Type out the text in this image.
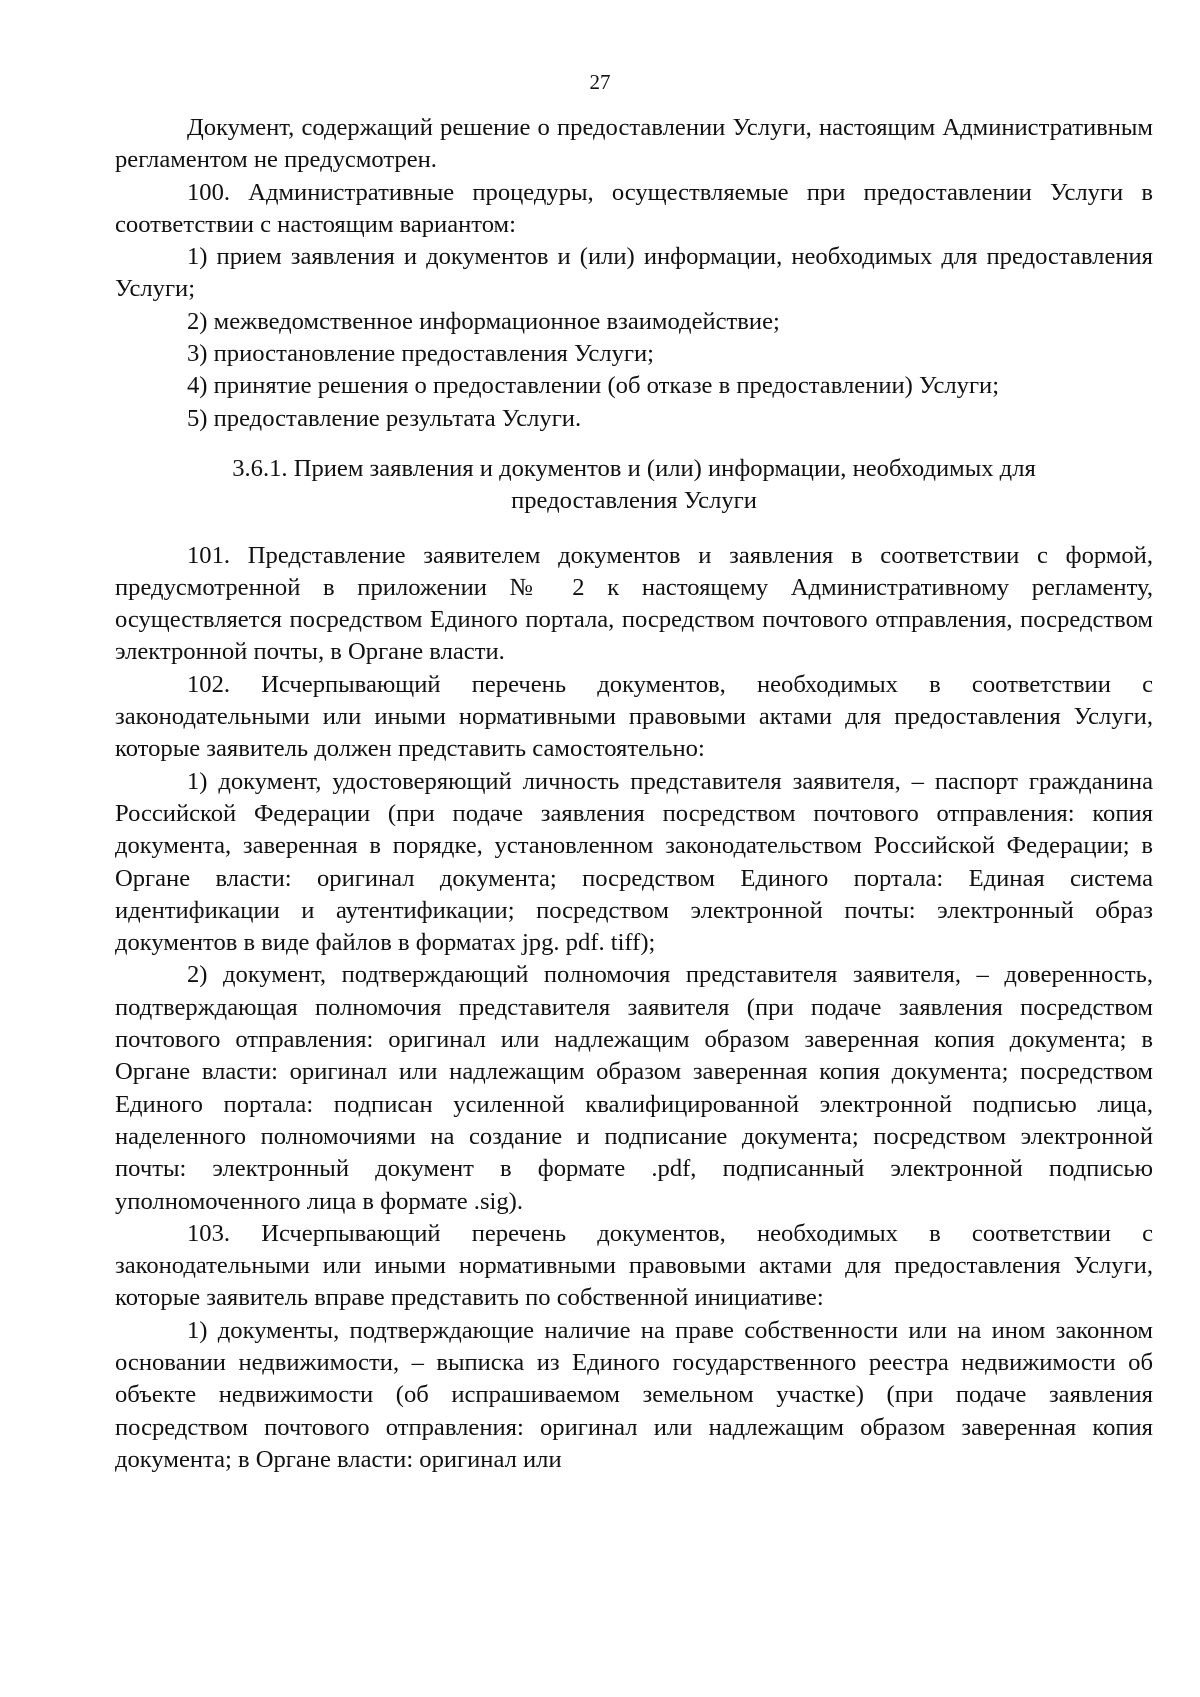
27

Документ, содержащий решение о предоставлении Услуги, настоящим Административным регламентом не предусмотрен.

100. Административные процедуры, осуществляемые при предоставлении Услуги в соответствии с настоящим вариантом:

1) прием заявления и документов и (или) информации, необходимых для предоставления Услуги;

2) межведомственное информационное взаимодействие;

3) приостановление предоставления Услуги;

4) принятие решения о предоставлении (об отказе в предоставлении) Услуги;

5) предоставление результата Услуги.

3.6.1. Прием заявления и документов и (или) информации, необходимых для

предоставления Услуги

101. Представление заявителем документов и заявления в соответствии с формой, предусмотренной в приложении № 2 к настоящему Административному регламенту, осуществляется посредством Единого портала, посредством почтового отправления, посредством электронной почты, в Органе власти.

102. Исчерпывающий перечень документов, необходимых в соответствии с законодательными или иными нормативными правовыми актами для предоставления Услуги, которые заявитель должен представить самостоятельно:

1) документ, удостоверяющий личность представителя заявителя, – паспорт гражданина Российской Федерации (при подаче заявления посредством почтового отправления: копия документа, заверенная в порядке, установленном законодательством Российской Федерации; в Органе власти: оригинал документа; посредством Единого портала: Единая система идентификации и аутентификации; посредством электронной почты: электронный образ документов в виде файлов в форматах jpg. pdf. tiff);

2) документ, подтверждающий полномочия представителя заявителя, – доверенность, подтверждающая полномочия представителя заявителя (при подаче заявления посредством почтового отправления: оригинал или надлежащим образом заверенная копия документа; в Органе власти: оригинал или надлежащим образом заверенная копия документа; посредством Единого портала: подписан усиленной квалифицированной электронной подписью лица, наделенного полномочиями на создание и подписание документа; посредством электронной почты: электронный документ в формате .pdf, подписанный электронной подписью уполномоченного лица в формате .sig).

103. Исчерпывающий перечень документов, необходимых в соответствии с законодательными или иными нормативными правовыми актами для предоставления Услуги, которые заявитель вправе представить по собственной инициативе:

1) документы, подтверждающие наличие на праве собственности или на ином законном основании недвижимости, – выписка из Единого государственного реестра недвижимости об объекте недвижимости (об испрашиваемом земельном участке) (при подаче заявления посредством почтового отправления: оригинал или надлежащим образом заверенная копия документа; в Органе власти: оригинал или
